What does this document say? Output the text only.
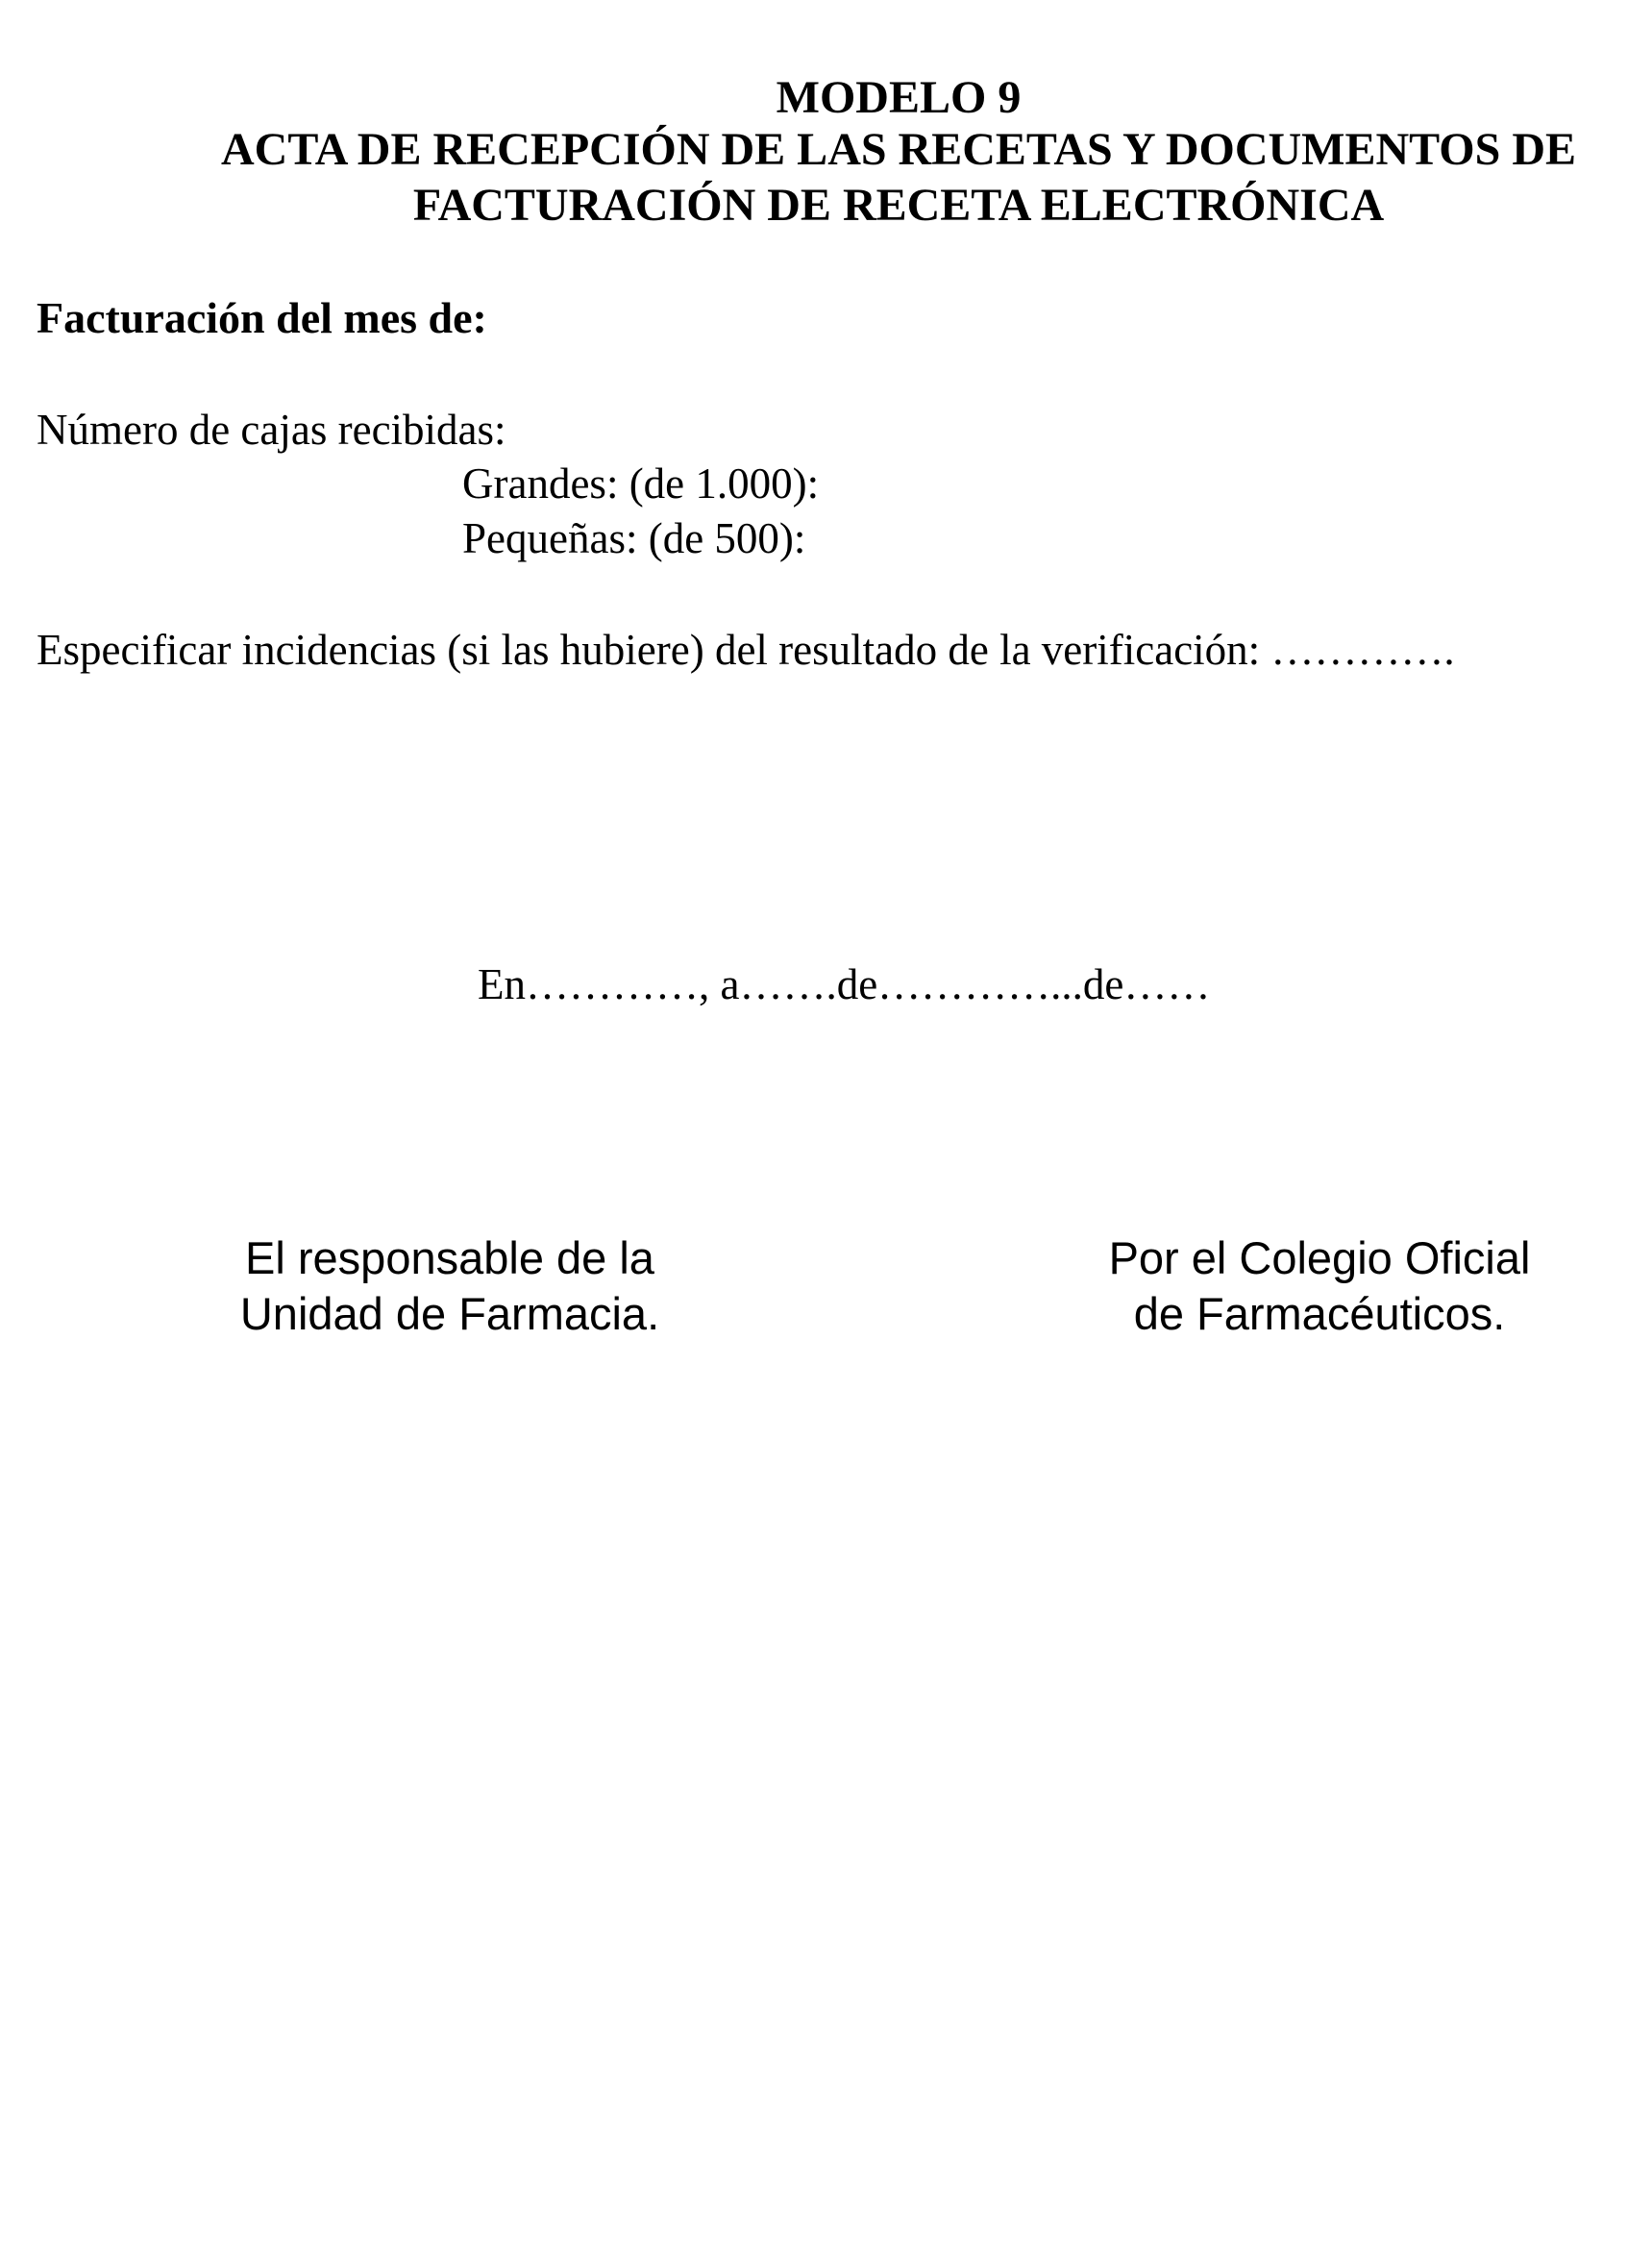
MODELO 9
ACTA DE RECEPCIÓN DE LAS RECETAS Y DOCUMENTOS DE
FACTURACIÓN DE RECETA ELECTRÓNICA
Facturación del mes de:
Número de cajas recibidas:
Grandes: (de 1.000):
Pequeñas: (de 500):
Especificar incidencias (si las hubiere) del resultado de la verificación: ………….
En…………, a…….de…………...de……
El responsable de la
Unidad de Farmacia.
Por el Colegio Oficial
de Farmacéuticos.
